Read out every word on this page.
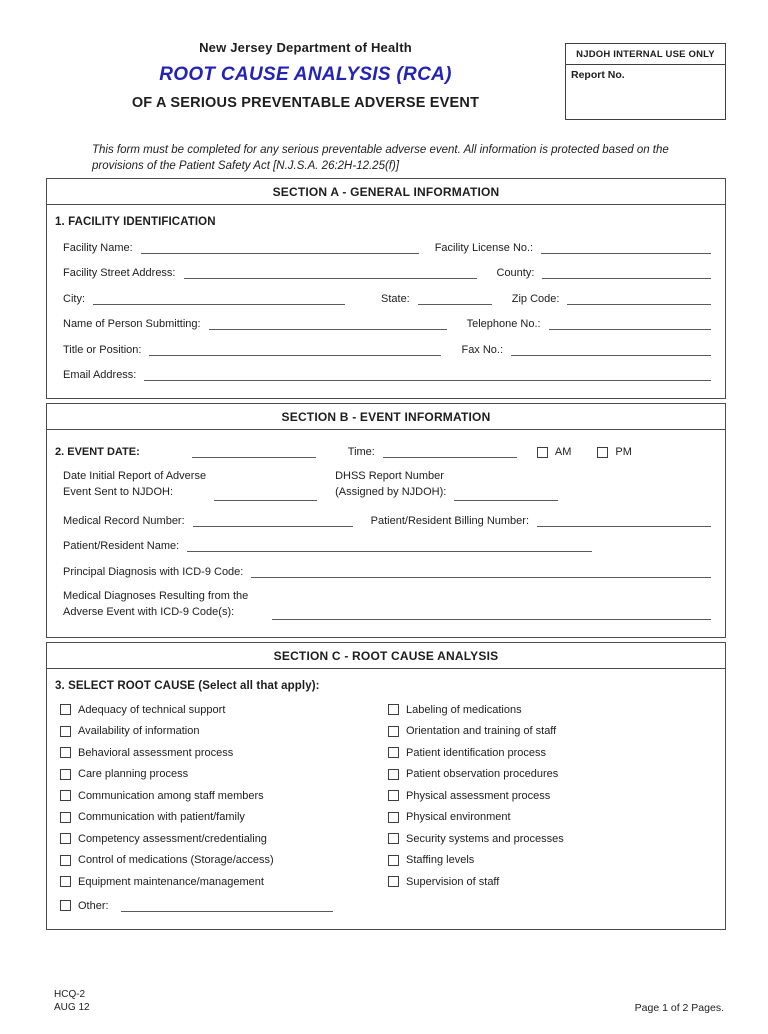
New Jersey Department of Health
ROOT CAUSE ANALYSIS (RCA)
OF A SERIOUS PREVENTABLE ADVERSE EVENT
NJDOH INTERNAL USE ONLY
Report No.
This form must be completed for any serious preventable adverse event. All information is protected based on the provisions of the Patient Safety Act [N.J.S.A. 26:2H-12.25(f)]
SECTION A - GENERAL INFORMATION
1. FACILITY IDENTIFICATION
Facility Name:	Facility License No.:
Facility Street Address:	County:
City:	State:	Zip Code:
Name of Person Submitting:	Telephone No.:
Title or Position:	Fax No.:
Email Address:
SECTION B - EVENT INFORMATION
2. EVENT DATE:	Time:	AM	PM
Date Initial Report of Adverse
Event Sent to NJDOH:
DHSS Report Number
(Assigned by NJDOH):
Medical Record Number:	Patient/Resident Billing Number:
Patient/Resident Name:
Principal Diagnosis with ICD-9 Code:
Medical Diagnoses Resulting from the
Adverse Event with ICD-9 Code(s):
SECTION C - ROOT CAUSE ANALYSIS
3. SELECT ROOT CAUSE (Select all that apply):
Adequacy of technical support
Availability of information
Behavioral assessment process
Care planning process
Communication among staff members
Communication with patient/family
Competency assessment/credentialing
Control of medications (Storage/access)
Equipment maintenance/management
Labeling of medications
Orientation and training of staff
Patient identification process
Patient observation procedures
Physical assessment process
Physical environment
Security systems and processes
Staffing levels
Supervision of staff
Other:
HCQ-2
AUG 12	Page 1 of 2 Pages.
